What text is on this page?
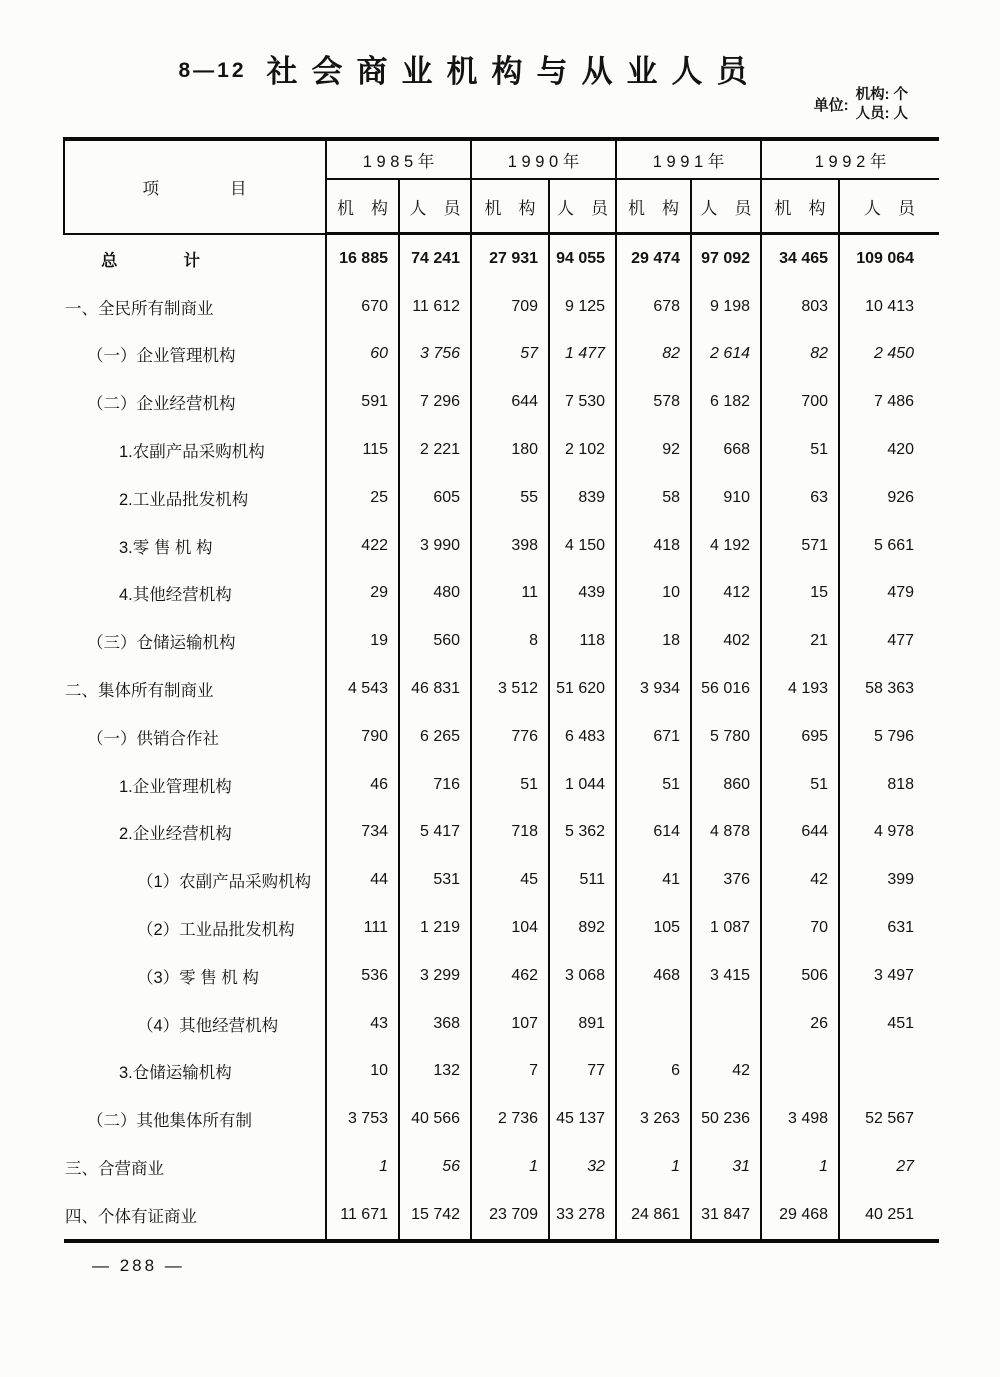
8—12 社会商业机构与从业人员
单位:
机构: 个
人员: 人
项　　　　目	1 9 8 5 年		1 9 9 0 年		1 9 9 1 年		1 9 9 2 年	
	机　构	人　员	机　构	人　员	机　构	人　员	机　构	人　员
总　　　　计	16 885	74 241	27 931	94 055	29 474	97 092	34 465	109 064
一、全民所有制商业	670	11 612	709	9 125	678	9 198	803	10 413
（一）企业管理机构	60	3 756	57	1 477	82	2 614	82	2 450
（二）企业经营机构	591	7 296	644	7 530	578	6 182	700	7 486
1.农副产品采购机构	115	2 221	180	2 102	92	668	51	420
2.工业品批发机构	25	605	55	839	58	910	63	926
3.零 售 机 构	422	3 990	398	4 150	418	4 192	571	5 661
4.其他经营机构	29	480	11	439	10	412	15	479
（三）仓储运输机构	19	560	8	118	18	402	21	477
二、集体所有制商业	4 543	46 831	3 512	51 620	3 934	56 016	4 193	58 363
（一）供销合作社	790	6 265	776	6 483	671	5 780	695	5 796
1.企业管理机构	46	716	51	1 044	51	860	51	818
2.企业经营机构	734	5 417	718	5 362	614	4 878	644	4 978
（1）农副产品采购机构	44	531	45	511	41	376	42	399
（2）工业品批发机构	111	1 219	104	892	105	1 087	70	631
（3）零 售 机 构	536	3 299	462	3 068	468	3 415	506	3 497
（4）其他经营机构	43	368	107	891			26	451
3.仓储运输机构	10	132	7	77	6	42		
（二）其他集体所有制	3 753	40 566	2 736	45 137	3 263	50 236	3 498	52 567
三、合营商业	1	56	1	32	1	31	1	27
四、个体有证商业	11 671	15 742	23 709	33 278	24 861	31 847	29 468	40 251
— 288 —
